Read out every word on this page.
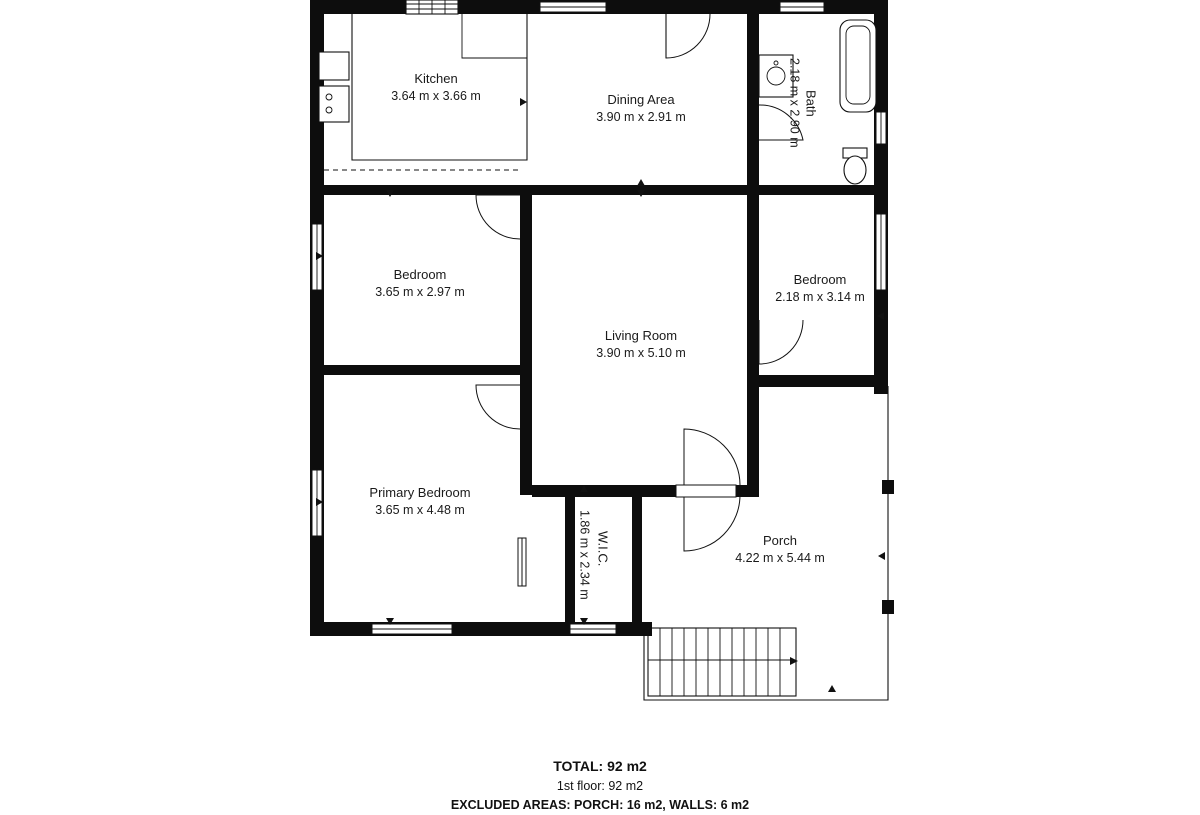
Kitchen
3.64 m x 3.66 m	Dining Area
3.90 m x 2.91 m
Bath
2.18 m x 2.90 m
Bedroom
3.65 m x 2.97 m
Bedroom
2.18 m x 3.14 m
Living Room
3.90 m x 5.10 m
Primary Bedroom
3.65 m x 4.48 m
W.I.C.
1.86 m x 2.34 m	Porch
4.22 m x 5.44 m
TOTAL: 92 m2
1st floor: 92 m2
EXCLUDED AREAS: PORCH: 16 m2, WALLS: 6 m2
